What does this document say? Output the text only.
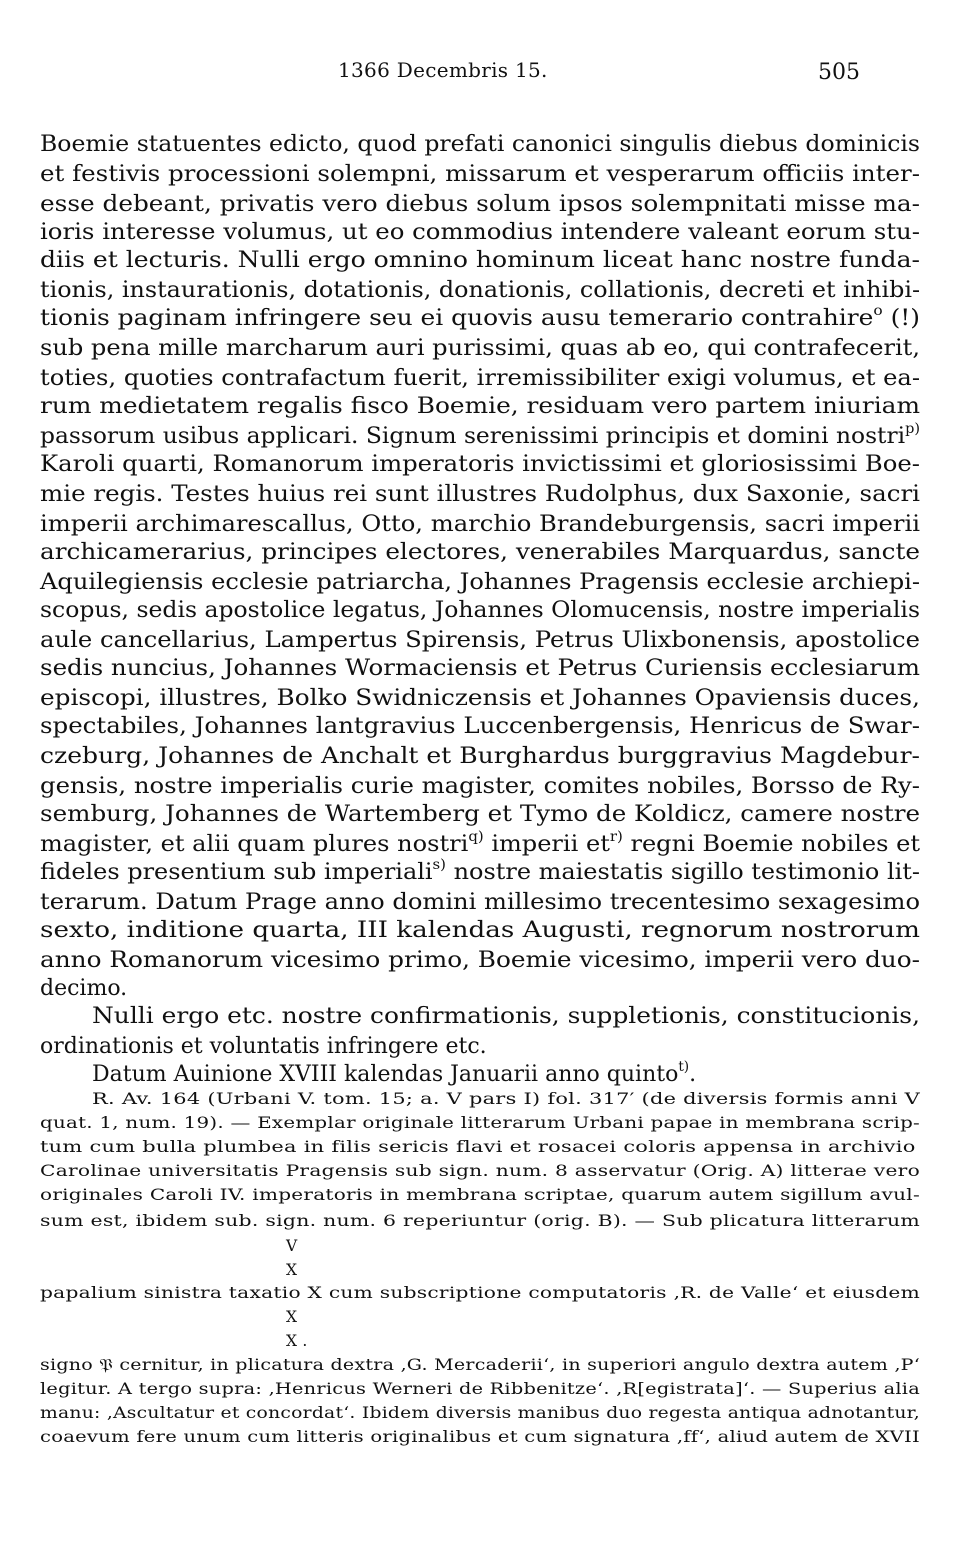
1366 Decembris 15.	505
Boemie statuentes edicto, quod prefati canonici singulis diebus dominicis
et festivis processioni solempni, missarum et vesperarum officiis inter-
esse debeant, privatis vero diebus solum ipsos solempnitati misse ma-
ioris interesse volumus, ut eo commodius intendere valeant eorum stu-
diis et lecturis. Nulli ergo omnino hominum liceat hanc nostre funda-
tionis, instaurationis, dotationis, donationis, collationis, decreti et inhibi-
tionis paginam infringere seu ei quovis ausu temerario contrahire$^o$ (!)
sub pena mille marcharum auri purissimi, quas ab eo, qui contrafecerit,
toties, quoties contrafactum fuerit, irremissibiliter exigi volumus, et ea-
rum medietatem regalis fisco Boemie, residuam vero partem iniuriam
passorum usibus applicari. Signum serenissimi principis et domini nostri$^{p)}$
Karoli quarti, Romanorum imperatoris invictissimi et gloriosissimi Boe-
mie regis. Testes huius rei sunt illustres Rudolphus, dux Saxonie, sacri
imperii archimarescallus, Otto, marchio Brandeburgensis, sacri imperii
archicamerarius, principes electores, venerabiles Marquardus, sancte
Aquilegiensis ecclesie patriarcha, Johannes Pragensis ecclesie archiepi-
scopus, sedis apostolice legatus, Johannes Olomucensis, nostre imperialis
aule cancellarius, Lampertus Spirensis, Petrus Ulixbonensis, apostolice
sedis nuncius, Johannes Wormaciensis et Petrus Curiensis ecclesiarum
episcopi, illustres, Bolko Swidniczensis et Johannes Opaviensis duces,
spectabiles, Johannes lantgravius Luccenbergensis, Henricus de Swar-
czeburg, Johannes de Anchalt et Burghardus burggravius Magdebur-
gensis, nostre imperialis curie magister, comites nobiles, Borsso de Ry-
semburg, Johannes de Wartemberg et Tymo de Koldicz, camere nostre
magister, et alii quam plures nostri$^{q)}$ imperii $et^{r)}$ regni Boemie nobiles et
fideles presentium sub imperiali$^{s)}$ nostre maiestatis sigillo testimonio lit-
terarum. Datum Prage anno domini millesimo trecentesimo sexagesimo
sexto, inditione quarta, III kalendas Augusti, regnorum nostrorum
anno Romanorum vicesimo primo, Boemie vicesimo, imperii vero duo-
decimo.
Nulli ergo etc. nostre confirmationis, suppletionis, constitucionis,
ordinationis et voluntatis infringere etc.
Datum Auinione XVIII kalendas Januarii anno quinto$^{t)}$.
R. Av. 164 (Urbani V. tom. 15; a. V pars I) fol. 317′ (de diversis formis anni V
quat. 1, num. 19). — Exemplar originale litterarum Urbani papae in membrana scrip-
tum cum bulla plumbea in filis sericis flavi et rosacei coloris appensa in archivio
Carolinae universitatis Pragensis sub sign. num. 8 asservatur (Orig. A) litterae vero
originales Caroli IV. imperatoris in membrana scriptae, quarum autem sigillum avul-
sum est, ibidem sub. sign. num. 6 reperiuntur (orig. B). — Sub plicatura litterarum
V
X
papalium sinistra taxatio X cum subscriptione computatoris ‚R. de Valle‘ et eiusdem
X
X .
signo 𝔓 cernitur, in plicatura dextra ‚G. Mercaderii‘, in superiori angulo dextra autem ‚P‘
legitur. A tergo supra: ‚Henricus Werneri de Ribbenitze‘. ‚R[egistrata]‘. — Superius alia
manu: ‚Ascultatur et concordat‘. Ibidem diversis manibus duo regesta antiqua adnotantur,
coaevum fere unum cum litteris originalibus et cum signatura ‚ff‘, aliud autem de XVII
